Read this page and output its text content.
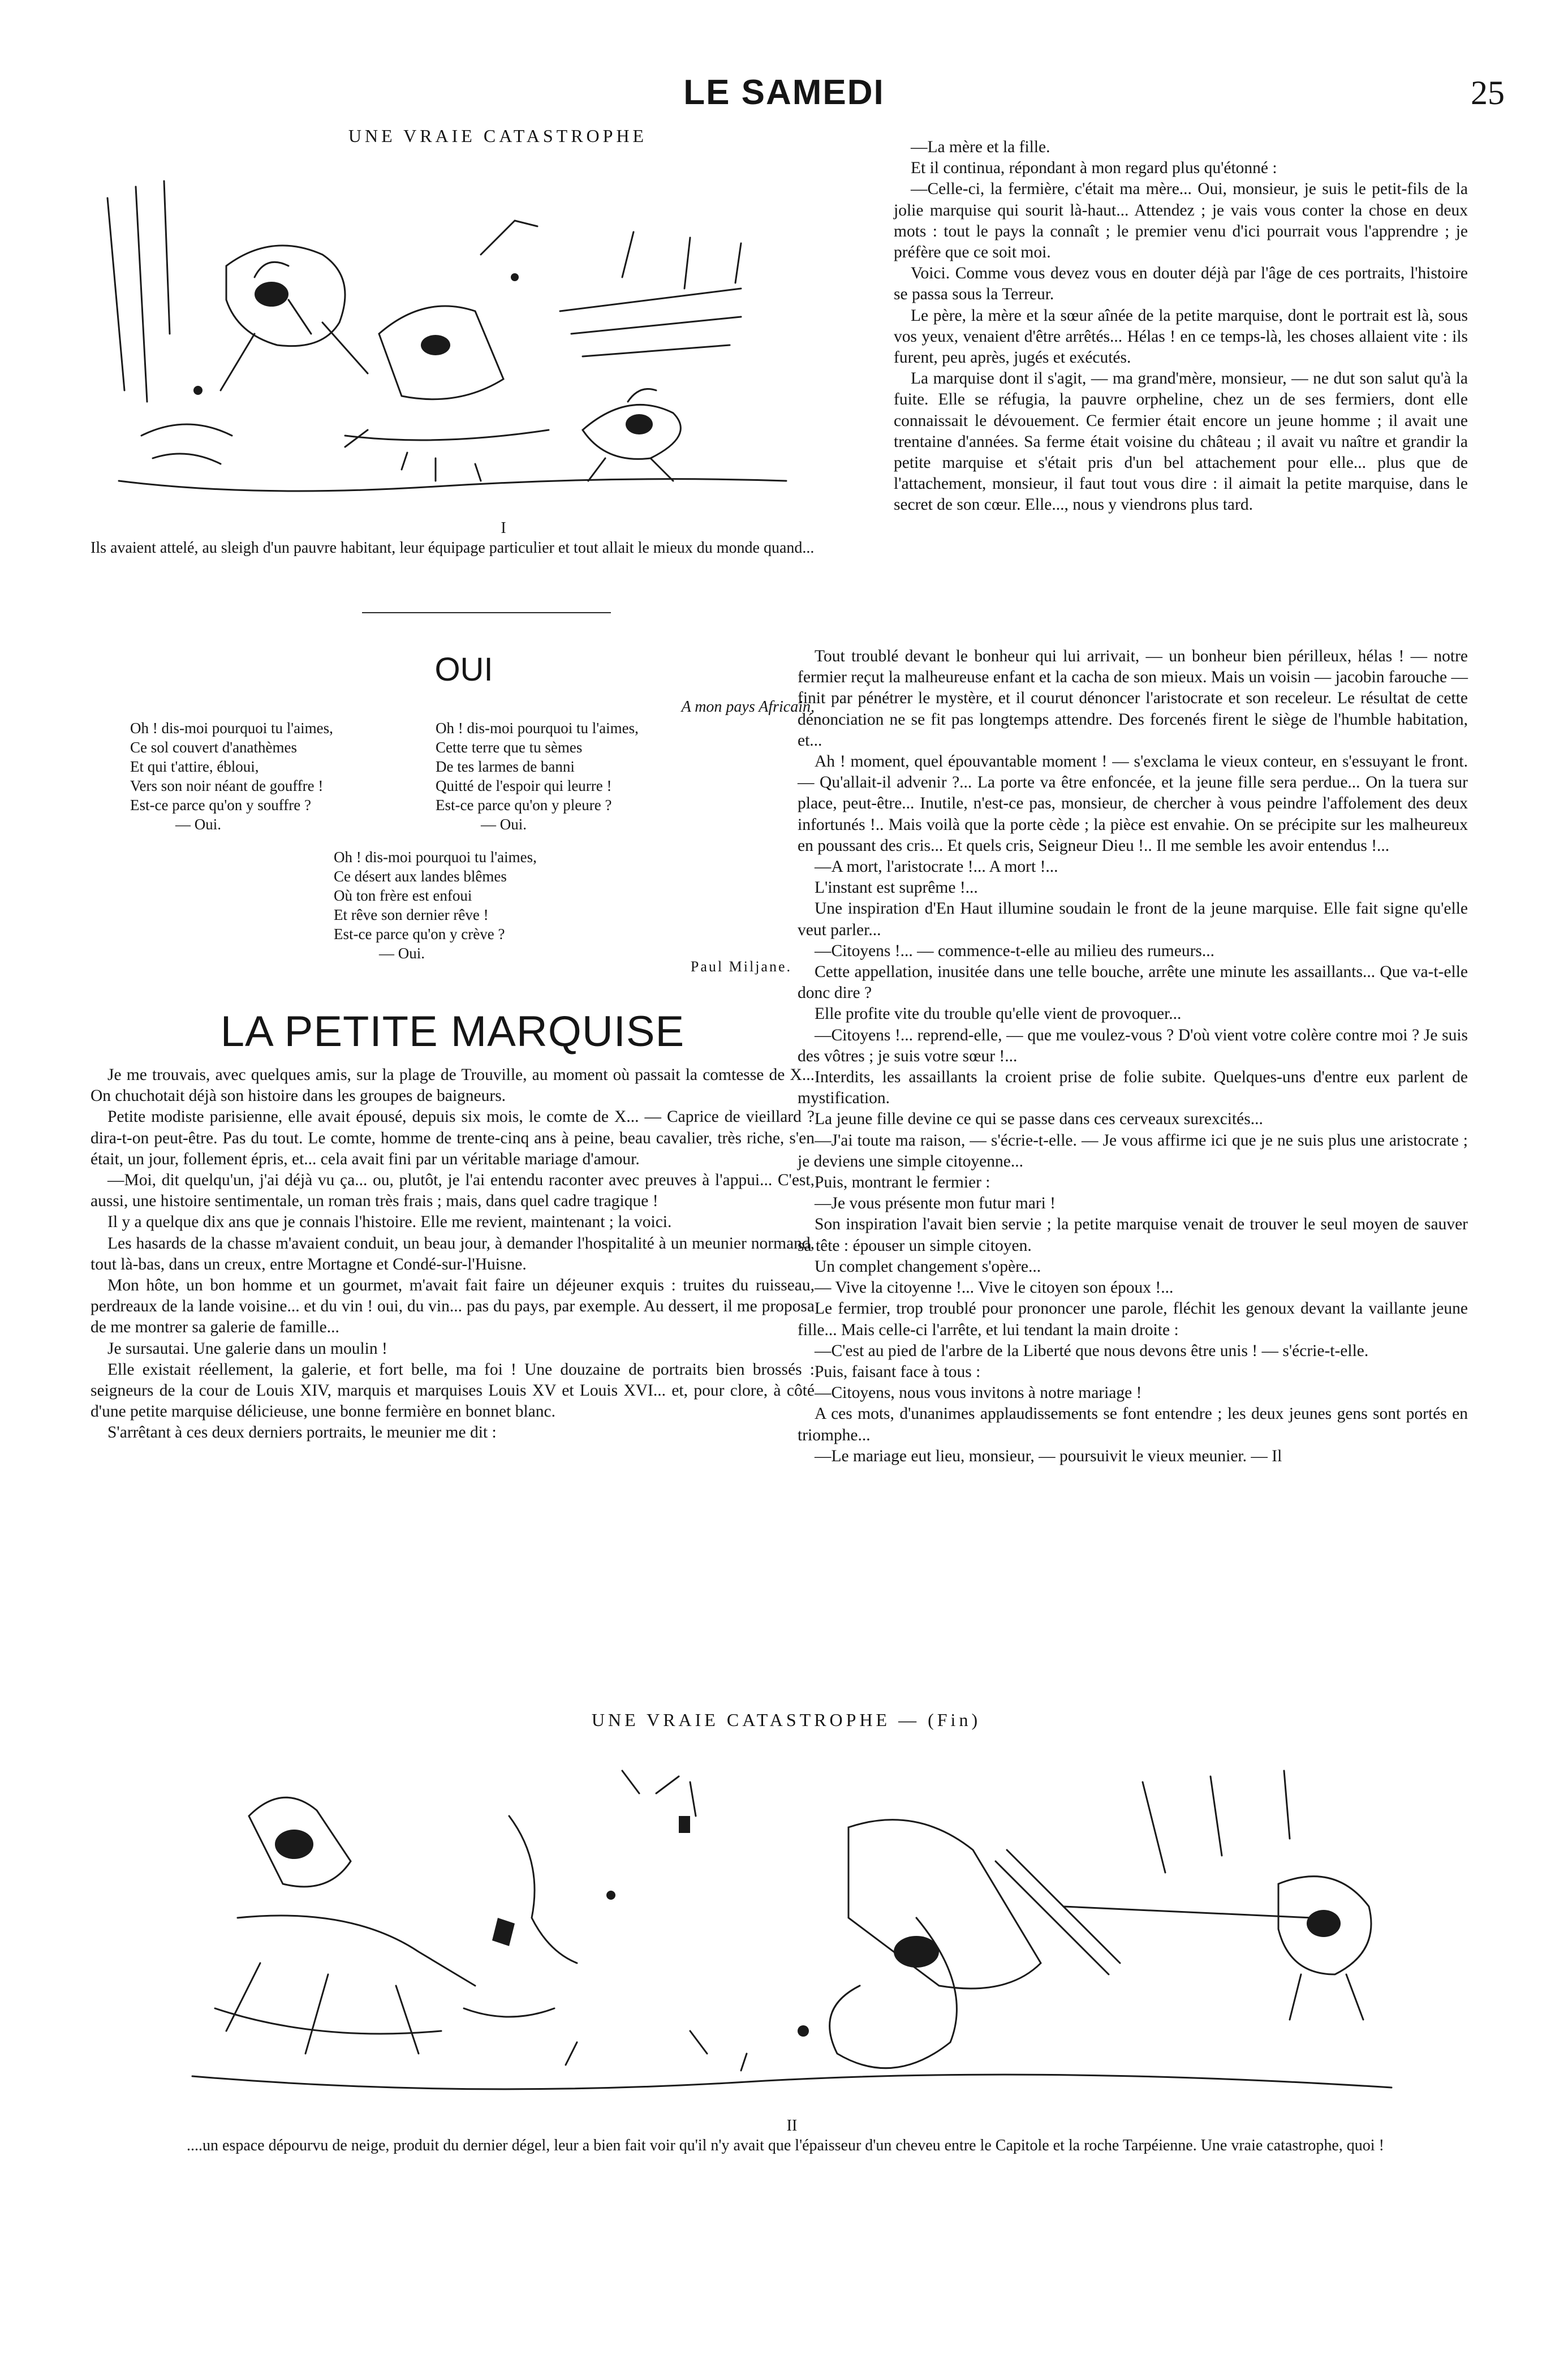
LE SAMEDI	25
UNE VRAIE CATASTROPHE
I
Ils avaient attelé, au sleigh d'un pauvre habitant, leur équipage particulier et tout allait le mieux du monde quand...
OUI
A mon pays Africain,
Oh ! dis-moi pourquoi tu l'aimes,
Ce sol couvert d'anathèmes
Et qui t'attire, ébloui,
Vers son noir néant de gouffre !
Est-ce parce qu'on y souffre ?
— Oui.
Oh ! dis-moi pourquoi tu l'aimes,
Cette terre que tu sèmes
De tes larmes de banni
Quitté de l'espoir qui leurre !
Est-ce parce qu'on y pleure ?
— Oui.
Oh ! dis-moi pourquoi tu l'aimes,
Ce désert aux landes blêmes
Où ton frère est enfoui
Et rêve son dernier rêve !
Est-ce parce qu'on y crève ?
— Oui.
Paul Miljane.
LA PETITE MARQUISE

Je me trouvais, avec quelques amis, sur la plage de Trouville, au moment où passait la comtesse de X... On chuchotait déjà son histoire dans les groupes de baigneurs.

Petite modiste parisienne, elle avait épousé, depuis six mois, le comte de X... — Caprice de vieillard ? dira-t-on peut-être. Pas du tout. Le comte, homme de trente-cinq ans à peine, beau cavalier, très riche, s'en était, un jour, follement épris, et... cela avait fini par un véritable mariage d'amour.

—Moi, dit quelqu'un, j'ai déjà vu ça... ou, plutôt, je l'ai entendu raconter avec preuves à l'appui... C'est, aussi, une histoire sentimentale, un roman très frais ; mais, dans quel cadre tragique !

Il y a quelque dix ans que je connais l'histoire. Elle me revient, maintenant ; la voici.

Les hasards de la chasse m'avaient conduit, un beau jour, à demander l'hospitalité à un meunier normand, tout là-bas, dans un creux, entre Mortagne et Condé-sur-l'Huisne.

Mon hôte, un bon homme et un gourmet, m'avait fait faire un déjeuner exquis : truites du ruisseau, perdreaux de la lande voisine... et du vin ! oui, du vin... pas du pays, par exemple. Au dessert, il me proposa de me montrer sa galerie de famille...

Je sursautai. Une galerie dans un moulin !

Elle existait réellement, la galerie, et fort belle, ma foi ! Une douzaine de portraits bien brossés : seigneurs de la cour de Louis XIV, marquis et marquises Louis XV et Louis XVI... et, pour clore, à côté d'une petite marquise délicieuse, une bonne fermière en bonnet blanc.

S'arrêtant à ces deux derniers portraits, le meunier me dit :

—La mère et la fille.

Et il continua, répondant à mon regard plus qu'étonné :

—Celle-ci, la fermière, c'était ma mère... Oui, monsieur, je suis le petit-fils de la jolie marquise qui sourit là-haut... Attendez ; je vais vous conter la chose en deux mots : tout le pays la connaît ; le premier venu d'ici pourrait vous l'apprendre ; je préfère que ce soit moi.

Voici. Comme vous devez vous en douter déjà par l'âge de ces portraits, l'histoire se passa sous la Terreur.

Le père, la mère et la sœur aînée de la petite marquise, dont le portrait est là, sous vos yeux, venaient d'être arrêtés... Hélas ! en ce temps-là, les choses allaient vite : ils furent, peu après, jugés et exécutés.

La marquise dont il s'agit, — ma grand'mère, monsieur, — ne dut son salut qu'à la fuite. Elle se réfugia, la pauvre orpheline, chez un de ses fermiers, dont elle connaissait le dévouement. Ce fermier était encore un jeune homme ; il avait une trentaine d'années. Sa ferme était voisine du château ; il avait vu naître et grandir la petite marquise et s'était pris d'un bel attachement pour elle... plus que de l'attachement, monsieur, il faut tout vous dire : il aimait la petite marquise, dans le secret de son cœur. Elle..., nous y viendrons plus tard.

Tout troublé devant le bonheur qui lui arrivait, — un bonheur bien périlleux, hélas ! — notre fermier reçut la malheureuse enfant et la cacha de son mieux. Mais un voisin — jacobin farouche — finit par pénétrer le mystère, et il courut dénoncer l'aristocrate et son receleur. Le résultat de cette dénonciation ne se fit pas longtemps attendre. Des forcenés firent le siège de l'humble habitation, et...

Ah ! moment, quel épouvantable moment ! — s'exclama le vieux conteur, en s'essuyant le front. — Qu'allait-il advenir ?... La porte va être enfoncée, et la jeune fille sera perdue... On la tuera sur place, peut-être... Inutile, n'est-ce pas, monsieur, de chercher à vous peindre l'affolement des deux infortunés !.. Mais voilà que la porte cède ; la pièce est envahie. On se précipite sur les malheureux en poussant des cris... Et quels cris, Seigneur Dieu !.. Il me semble les avoir entendus !...

—A mort, l'aristocrate !... A mort !...

L'instant est suprême !...

Une inspiration d'En Haut illumine soudain le front de la jeune marquise. Elle fait signe qu'elle veut parler...

—Citoyens !... — commence-t-elle au milieu des rumeurs...

Cette appellation, inusitée dans une telle bouche, arrête une minute les assaillants... Que va-t-elle donc dire ?

Elle profite vite du trouble qu'elle vient de provoquer...

—Citoyens !... reprend-elle, — que me voulez-vous ? D'où vient votre colère contre moi ? Je suis des vôtres ; je suis votre sœur !...

Interdits, les assaillants la croient prise de folie subite. Quelques-uns d'entre eux parlent de mystification.

La jeune fille devine ce qui se passe dans ces cerveaux surexcités...

—J'ai toute ma raison, — s'écrie-t-elle. — Je vous affirme ici que je ne suis plus une aristocrate ; je deviens une simple citoyenne...

Puis, montrant le fermier :

—Je vous présente mon futur mari !

Son inspiration l'avait bien servie ; la petite marquise venait de trouver le seul moyen de sauver sa tête : épouser un simple citoyen.

Un complet changement s'opère...

— Vive la citoyenne !... Vive le citoyen son époux !...

Le fermier, trop troublé pour prononcer une parole, fléchit les genoux devant la vaillante jeune fille... Mais celle-ci l'arrête, et lui tendant la main droite :

—C'est au pied de l'arbre de la Liberté que nous devons être unis ! — s'écrie-t-elle.

Puis, faisant face à tous :

—Citoyens, nous vous invitons à notre mariage !

A ces mots, d'unanimes applaudissements se font entendre ; les deux jeunes gens sont portés en triomphe...

—Le mariage eut lieu, monsieur, — poursuivit le vieux meunier. — Il

UNE VRAIE CATASTROPHE — (Fin)
II
....un espace dépourvu de neige, produit du dernier dégel, leur a bien fait voir qu'il n'y avait que l'épaisseur d'un cheveu entre le Capitole et la roche Tarpéienne. Une vraie catastrophe, quoi !
